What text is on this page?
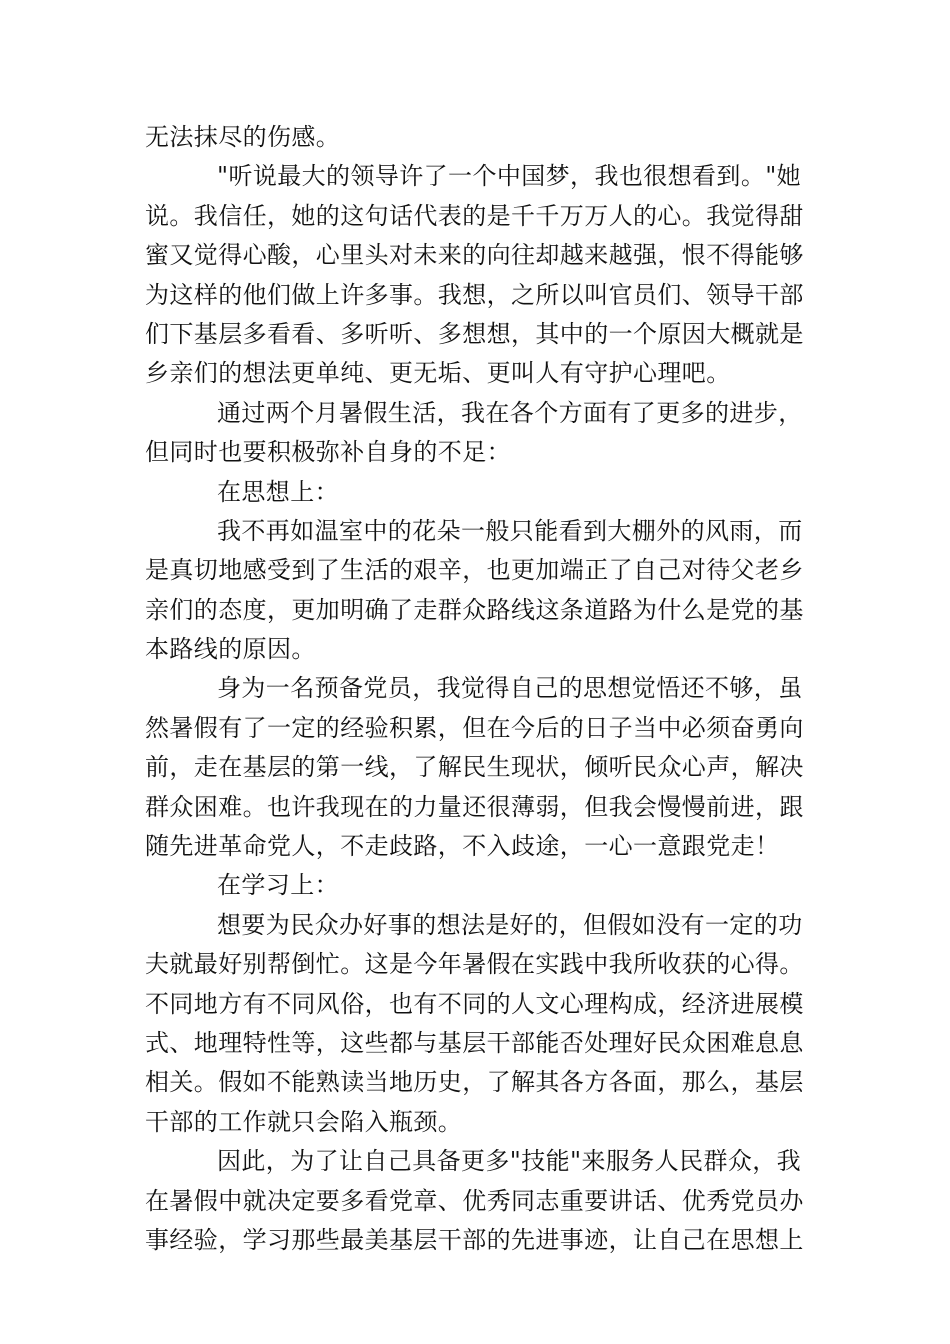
无法抹尽的伤感。
"听说最大的领导许了一个中国梦，我也很想看到。"她
说。我信任，她的这句话代表的是千千万万人的心。我觉得甜
蜜又觉得心酸，心里头对未来的向往却越来越强，恨不得能够
为这样的他们做上许多事。我想，之所以叫官员们、领导干部
们下基层多看看、多听听、多想想，其中的一个原因大概就是
乡亲们的想法更单纯、更无垢、更叫人有守护心理吧。
通过两个月暑假生活，我在各个方面有了更多的进步，
但同时也要积极弥补自身的不足：
在思想上：
我不再如温室中的花朵一般只能看到大棚外的风雨，而
是真切地感受到了生活的艰辛，也更加端正了自己对待父老乡
亲们的态度，更加明确了走群众路线这条道路为什么是党的基
本路线的原因。
身为一名预备党员，我觉得自己的思想觉悟还不够，虽
然暑假有了一定的经验积累，但在今后的日子当中必须奋勇向
前，走在基层的第一线，了解民生现状，倾听民众心声，解决
群众困难。也许我现在的力量还很薄弱，但我会慢慢前进，跟
随先进革命党人，不走歧路，不入歧途，一心一意跟党走！
在学习上：
想要为民众办好事的想法是好的，但假如没有一定的功
夫就最好别帮倒忙。这是今年暑假在实践中我所收获的心得。
不同地方有不同风俗，也有不同的人文心理构成，经济进展模
式、地理特性等，这些都与基层干部能否处理好民众困难息息
相关。假如不能熟读当地历史，了解其各方各面，那么，基层
干部的工作就只会陷入瓶颈。
因此，为了让自己具备更多"技能"来服务人民群众，我
在暑假中就决定要多看党章、优秀同志重要讲话、优秀党员办
事经验，学习那些最美基层干部的先进事迹，让自己在思想上
